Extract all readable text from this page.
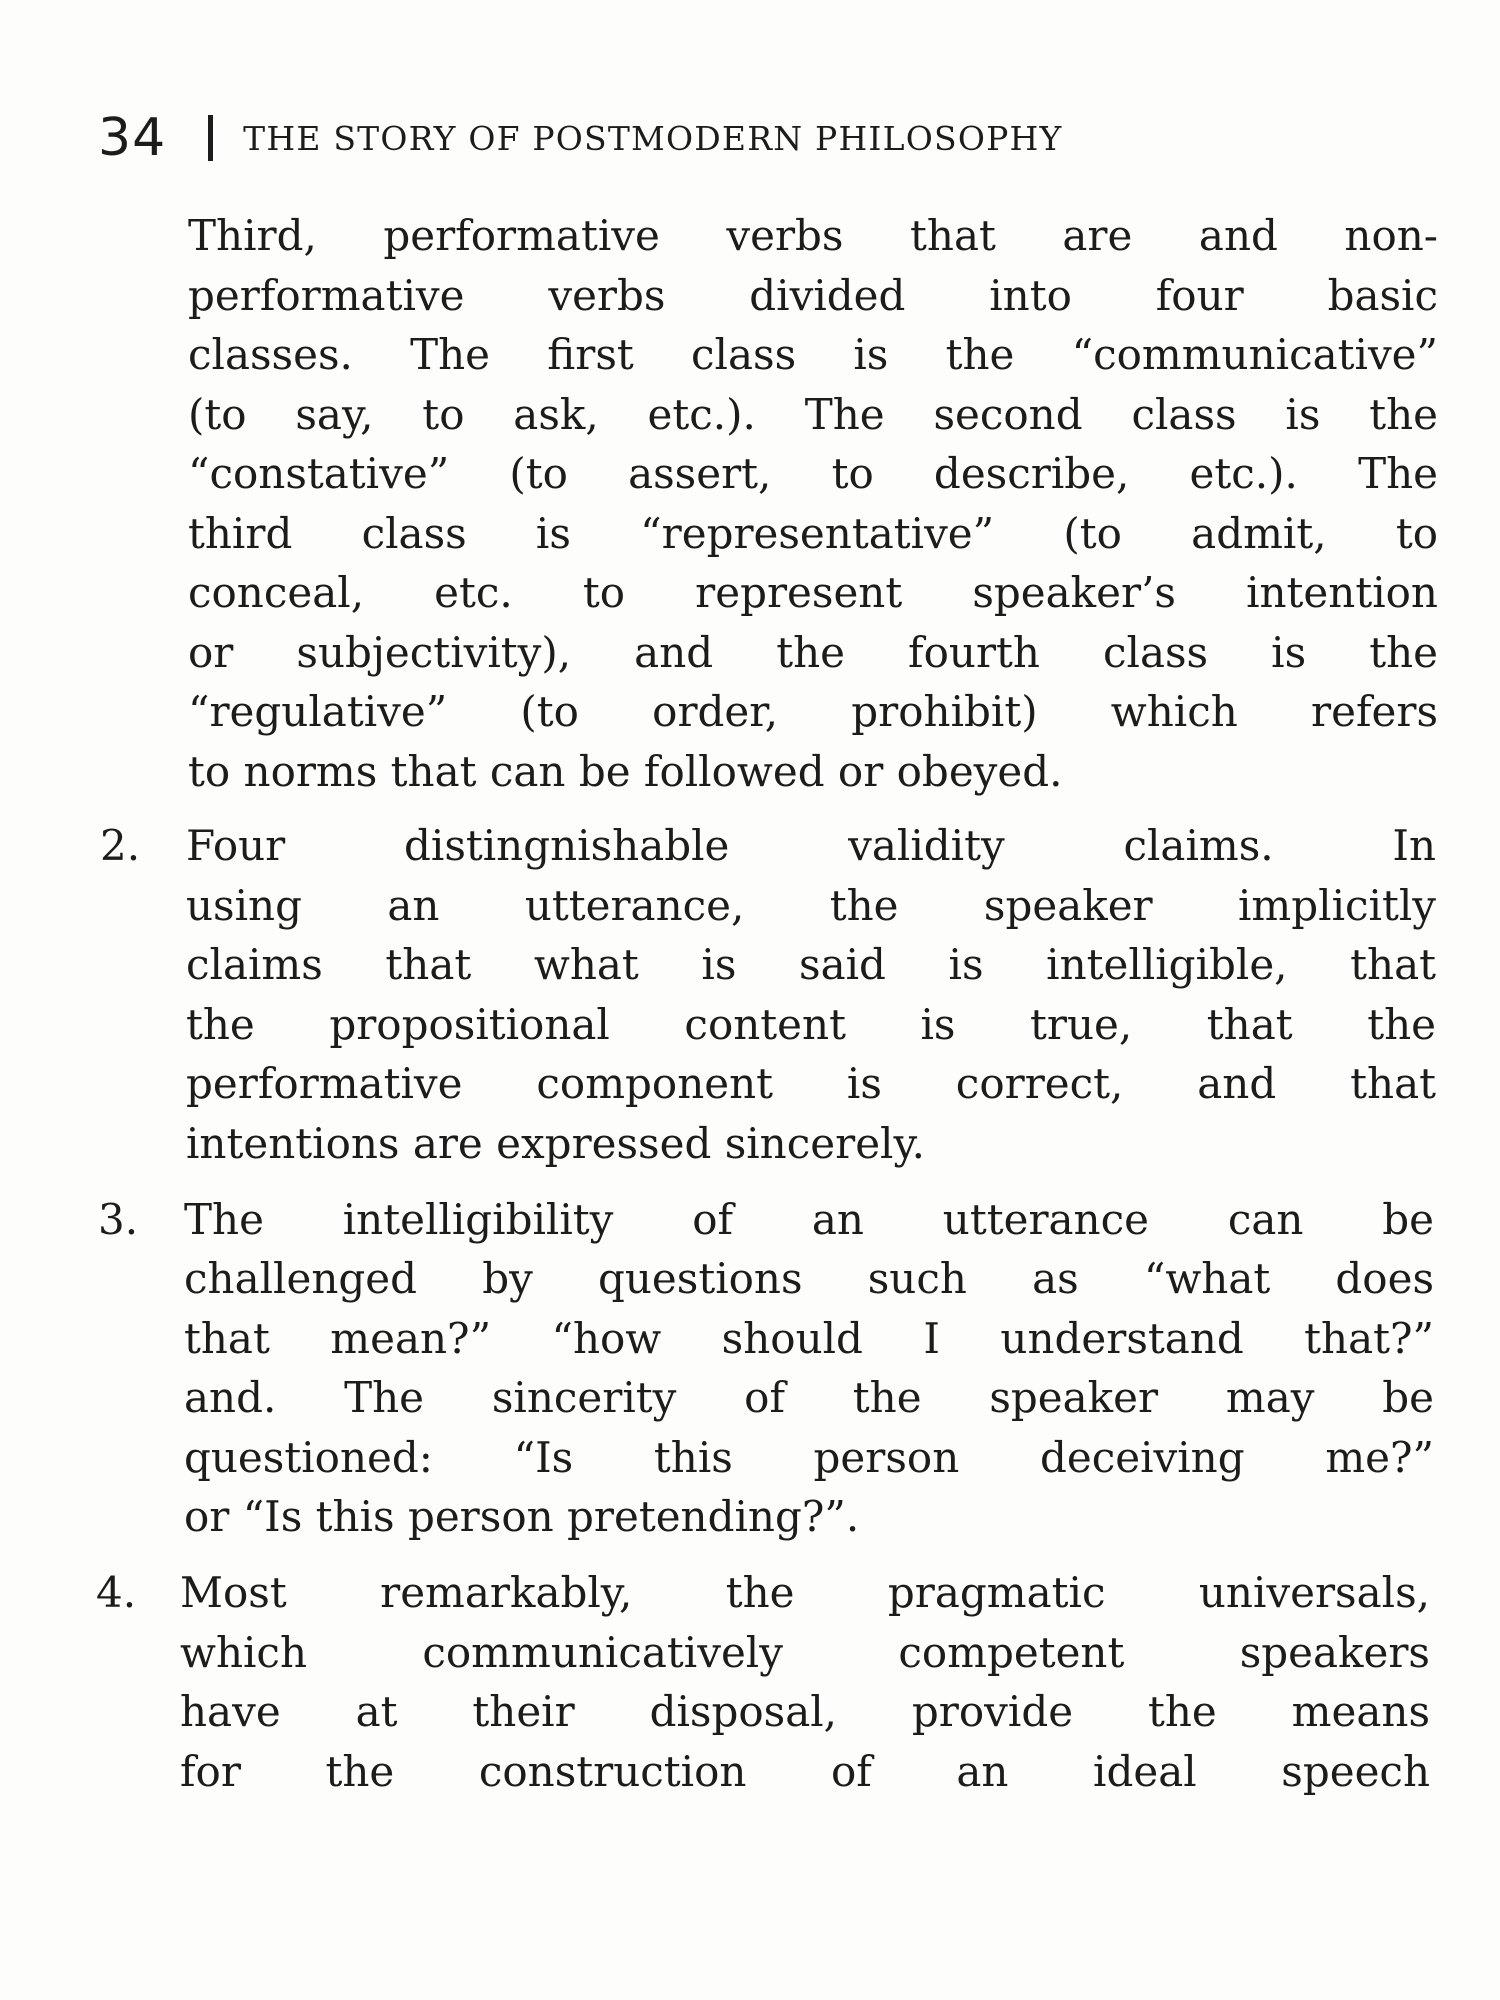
34 THE STORY OF POSTMODERN PHILOSOPHY
Third, performative verbs that are and non-
performative verbs divided into four basic
classes. The first class is the “communicative”
(to say, to ask, etc.). The second class is the
“constative” (to assert, to describe, etc.). The
third class is “representative” (to admit, to
conceal, etc. to represent speaker’s intention
or subjectivity), and the fourth class is the
“regulative” (to order, prohibit) which refers
to norms that can be followed or obeyed.
2. Four distingnishable validity claims. In
using an utterance, the speaker implicitly
claims that what is said is intelligible, that
the propositional content is true, that the
performative component is correct, and that
intentions are expressed sincerely.
3. The intelligibility of an utterance can be
challenged by questions such as “what does
that mean?” “how should I understand that?”
and. The sincerity of the speaker may be
questioned: “Is this person deceiving me?”
or “Is this person pretending?”.
4. Most remarkably, the pragmatic universals,
which communicatively competent speakers
have at their disposal, provide the means
for the construction of an ideal speech
